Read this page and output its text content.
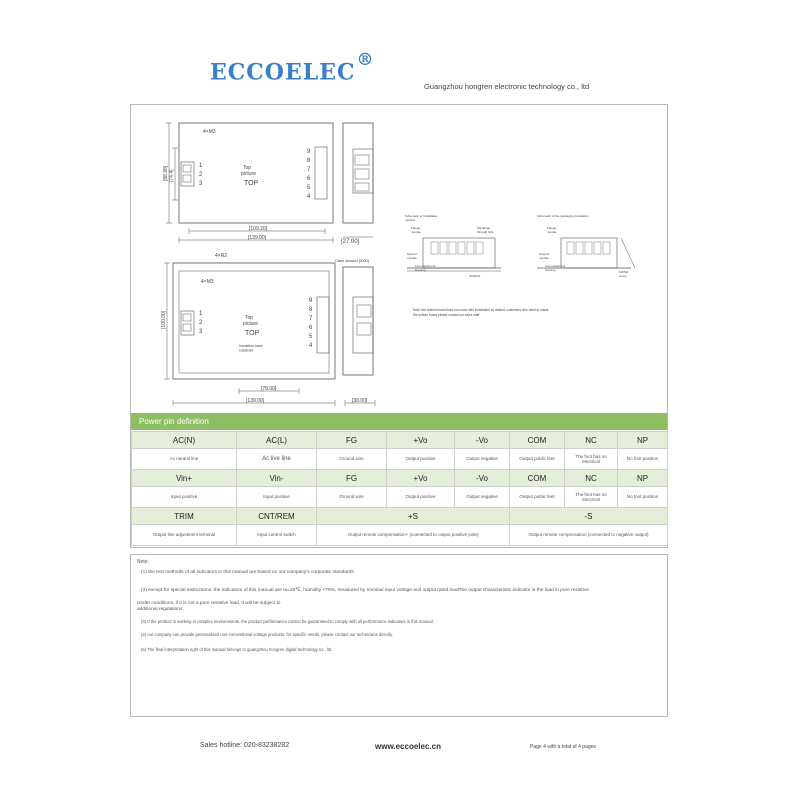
ECCOELEC®
Guangzhou hongren electronic technology co., ltd
4×M3
1
2
3
9
8
7
6
5
4
Top
picture
TOP
[109.20]
[139.00]
[88.88] [74.4]
[27.00]
4×R2
4×M3
1
2
3
9
8
7
6
5
4
Top
picture
TOP
Insulation base
substrate
[78.00]
[139.00]
[100.00]
Case shroud [3.00]
[30.00]
Schematic of installation
method
Flange
module
M3 flange
through hole
Support
module
Low equipment
housing
SCREW
Schematic of the packaging installation
Flange
module
Support
module
Low equipment
housing	M3/M4
screw
Note: the bottom board does not come with installation by default, customers who need to install
the bottom board please contact our sales staff.
Power pin definition
AC(N)	AC(L)	FG	+Vo	-Vo	COM	NC	NP
Ac neutral line	Ac live line	Ground wire	Output positive	Output negative	Output public feet	The foot has no electrical	No foot position
Vin+	Vin-	FG	+Vo	-Vo	COM	NC	NP
Input positive	Input positive	Ground wire	Output positive	Output negative	Output public feet	The foot has no electrical	No foot position
TRIM	CNT/REM	+S			-S		
Output line adjustment terminal	Input control switch	Output remote compensation+ (connected to output positive pole)			Output remote compensation (connected to negative output)		

Note:

(1) the test methods of all indicators in this manual are based on our company's corporate standards.

(2) except for special instructions, the indicators of this manual are ta=25℃, humidity <75%, measured by nominal input voltage and output rated loadThe output characteristic indicator is the load in pure resistive

Under conditions, if it is not a pure resistive load, it will be subject to additional regulations.

(3) If the product is working in complex environments, the product performance cannot be guaranteed to comply with all performance indicators in this manual.

(4) our company can provide personalized non-conventional voltage products, for specific needs, please contact our technicians directly.

(5) The final interpretation right of this manual belongs to guangzhou hongren digital technology co., ltd.

Sales hotline: 020-83238282	www.eccoelec.cn	Page 4 with a total of 4 pages
